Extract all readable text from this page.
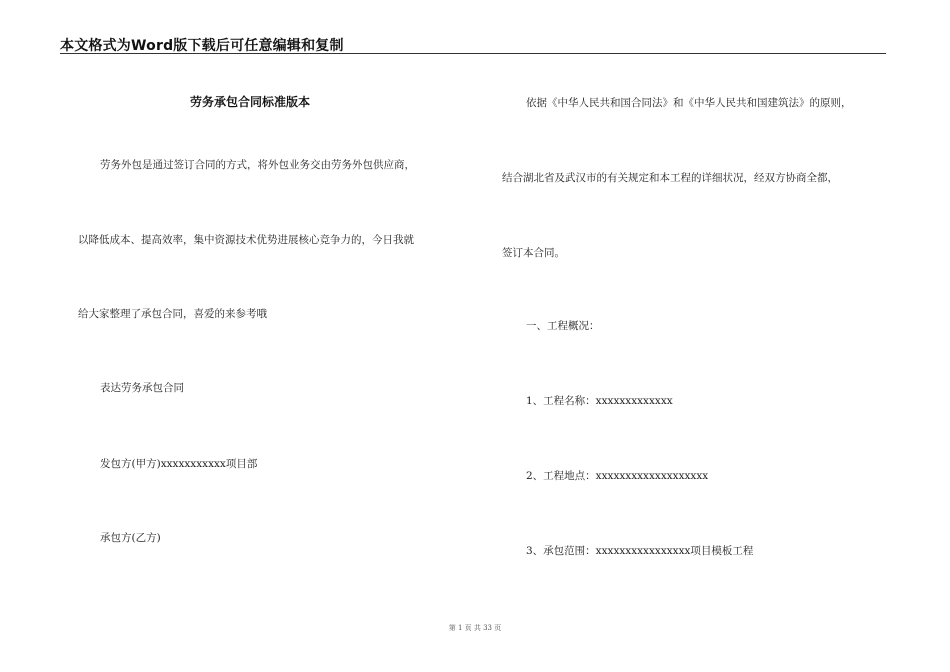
本文格式为Word版下载后可任意编辑和复制
劳务承包合同标准版本
劳务外包是通过签订合同的方式，将外包业务交由劳务外包供应商，
以降低成本、提高效率，集中资源技术优势进展核心竞争力的，今日我就
给大家整理了承包合同，喜爱的来参考哦
表达劳务承包合同
发包方(甲方)xxxxxxxxxxx项目部
承包方(乙方)
依据《中华人民共和国合同法》和《中华人民共和国建筑法》的原则，
结合湖北省及武汉市的有关规定和本工程的详细状况，经双方协商全都，
签订本合同。
一、工程概况：
1、工程名称：xxxxxxxxxxxxx
2、工程地点：xxxxxxxxxxxxxxxxxxx
3、承包范围：xxxxxxxxxxxxxxxx项目模板工程
第 1 页 共 33 页
